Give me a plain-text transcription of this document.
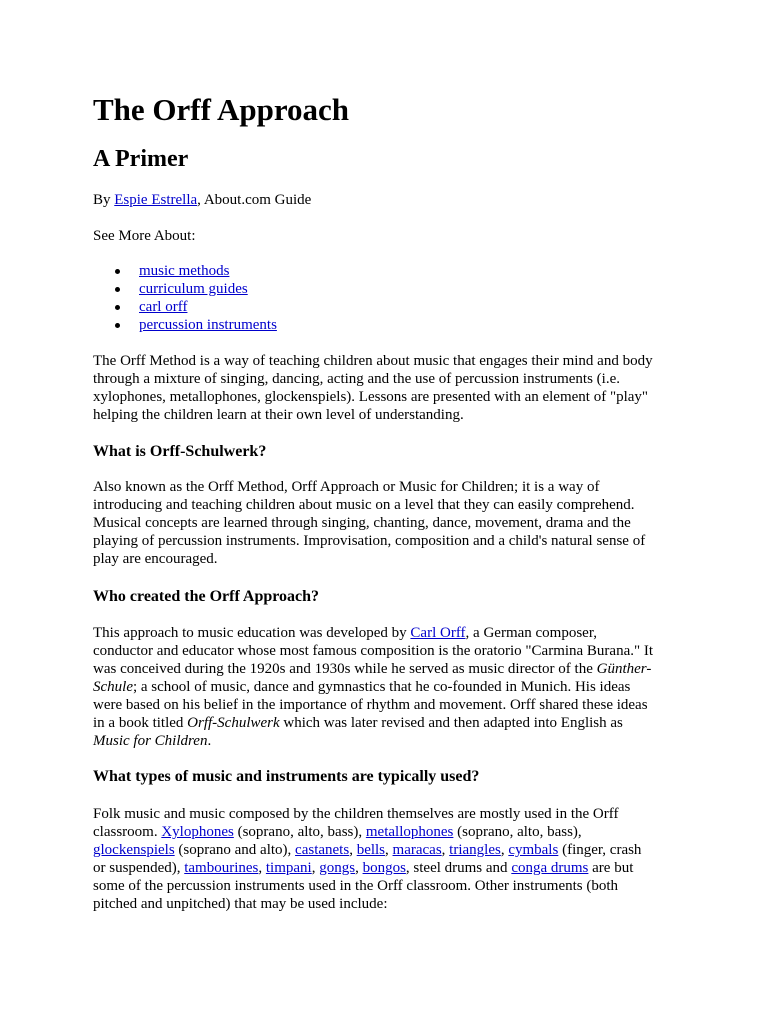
The Orff Approach
A Primer
By Espie Estrella, About.com Guide
See More About:
music methods
curriculum guides
carl orff
percussion instruments
The Orff Method is a way of teaching children about music that engages their mind and body
through a mixture of singing, dancing, acting and the use of percussion instruments (i.e.
xylophones, metallophones, glockenspiels). Lessons are presented with an element of "play"
helping the children learn at their own level of understanding.
What is Orff-Schulwerk?
Also known as the Orff Method, Orff Approach or Music for Children; it is a way of
introducing and teaching children about music on a level that they can easily comprehend.
Musical concepts are learned through singing, chanting, dance, movement, drama and the
playing of percussion instruments. Improvisation, composition and a child's natural sense of
play are encouraged.
Who created the Orff Approach?
This approach to music education was developed by Carl Orff, a German composer,
conductor and educator whose most famous composition is the oratorio "Carmina Burana." It
was conceived during the 1920s and 1930s while he served as music director of the Günther-
Schule; a school of music, dance and gymnastics that he co-founded in Munich. His ideas
were based on his belief in the importance of rhythm and movement. Orff shared these ideas
in a book titled Orff-Schulwerk which was later revised and then adapted into English as
Music for Children.
What types of music and instruments are typically used?
Folk music and music composed by the children themselves are mostly used in the Orff
classroom. Xylophones (soprano, alto, bass), metallophones (soprano, alto, bass),
glockenspiels (soprano and alto), castanets, bells, maracas, triangles, cymbals (finger, crash
or suspended), tambourines, timpani, gongs, bongos, steel drums and conga drums are but
some of the percussion instruments used in the Orff classroom. Other instruments (both
pitched and unpitched) that may be used include:
